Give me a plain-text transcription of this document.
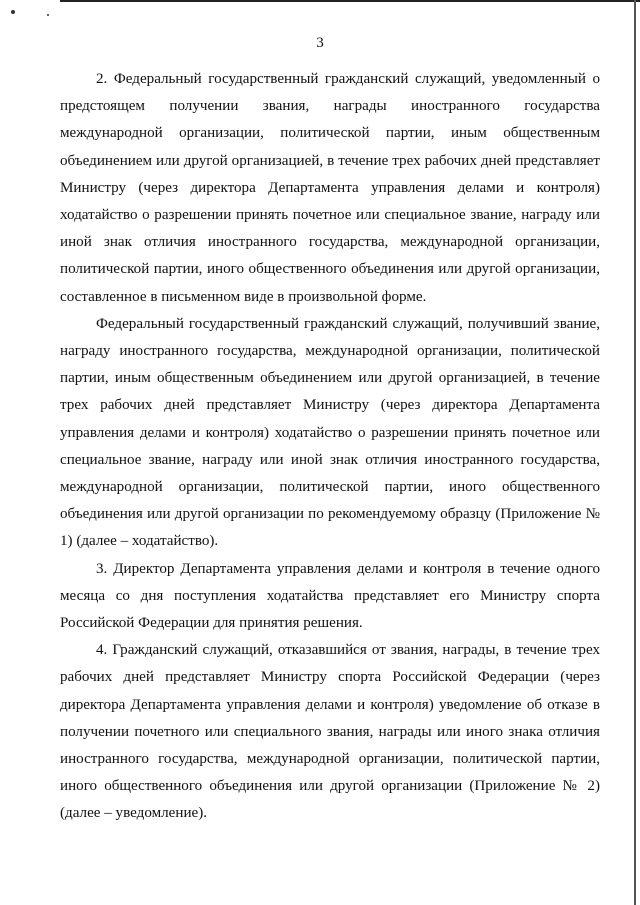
3

2. Федеральный государственный гражданский служащий, уведомленный о предстоящем получении звания, награды иностранного государства международной организации, политической партии, иным общественным объединением или другой организацией, в течение трех рабочих дней представляет Министру (через директора Департамента управления делами и контроля) ходатайство о разрешении принять почетное или специальное звание, награду или иной знак отличия иностранного государства, международной организации, политической партии, иного общественного объединения или другой организации, составленное в письменном виде в произвольной форме.

Федеральный государственный гражданский служащий, получивший звание, награду иностранного государства, международной организации, политической партии, иным общественным объединением или другой организацией, в течение трех рабочих дней представляет Министру (через директора Департамента управления делами и контроля) ходатайство о разрешении принять почетное или специальное звание, награду или иной знак отличия иностранного государства, международной организации, политической партии, иного общественного объединения или другой организации по рекомендуемому образцу (Приложение № 1) (далее – ходатайство).

3. Директор Департамента управления делами и контроля в течение одного месяца со дня поступления ходатайства представляет его Министру спорта Российской Федерации для принятия решения.

4. Гражданский служащий, отказавшийся от звания, награды, в течение трех рабочих дней представляет Министру спорта Российской Федерации (через директора Департамента управления делами и контроля) уведомление об отказе в получении почетного или специального звания, награды или иного знака отличия иностранного государства, международной организации, политической партии, иного общественного объединения или другой организации (Приложение № 2) (далее – уведомление).
